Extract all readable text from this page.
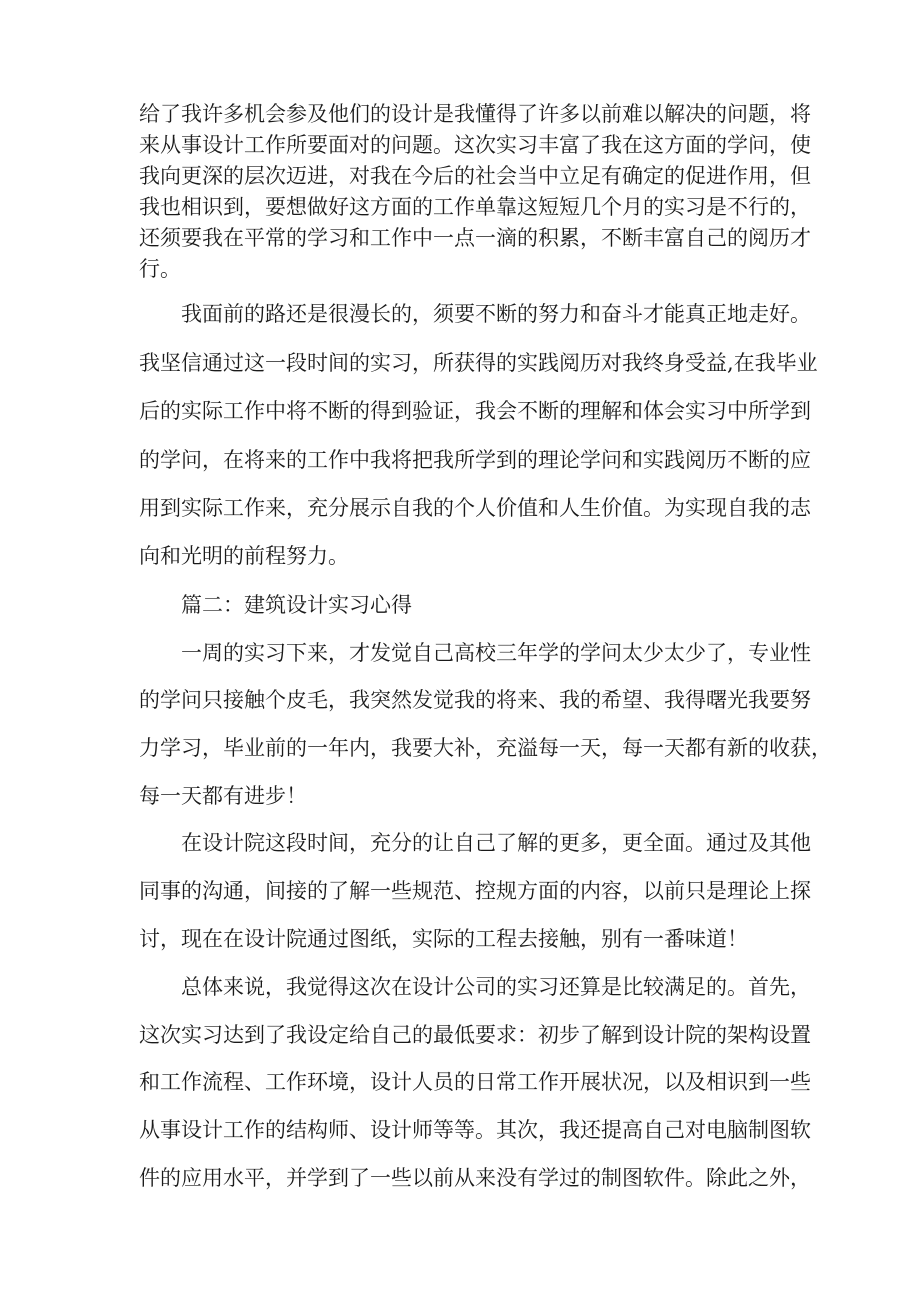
给了我许多机会参及他们的设计是我懂得了许多以前难以解决的问题，将
来从事设计工作所要面对的问题。这次实习丰富了我在这方面的学问，使
我向更深的层次迈进，对我在今后的社会当中立足有确定的促进作用，但
我也相识到，要想做好这方面的工作单靠这短短几个月的实习是不行的，
还须要我在平常的学习和工作中一点一滴的积累，不断丰富自己的阅历才
行。
我面前的路还是很漫长的，须要不断的努力和奋斗才能真正地走好。
我坚信通过这一段时间的实习，所获得的实践阅历对我终身受益,在我毕业
后的实际工作中将不断的得到验证，我会不断的理解和体会实习中所学到
的学问，在将来的工作中我将把我所学到的理论学问和实践阅历不断的应
用到实际工作来，充分展示自我的个人价值和人生价值。为实现自我的志
向和光明的前程努力。
篇二：建筑设计实习心得
一周的实习下来，才发觉自己高校三年学的学问太少太少了，专业性
的学问只接触个皮毛，我突然发觉我的将来、我的希望、我得曙光我要努
力学习，毕业前的一年内，我要大补，充溢每一天，每一天都有新的收获，
每一天都有进步！
在设计院这段时间，充分的让自己了解的更多，更全面。通过及其他
同事的沟通，间接的了解一些规范、控规方面的内容，以前只是理论上探
讨，现在在设计院通过图纸，实际的工程去接触，别有一番味道！
总体来说，我觉得这次在设计公司的实习还算是比较满足的。首先，
这次实习达到了我设定给自己的最低要求：初步了解到设计院的架构设置
和工作流程、工作环境，设计人员的日常工作开展状况，以及相识到一些
从事设计工作的结构师、设计师等等。其次，我还提高自己对电脑制图软
件的应用水平，并学到了一些以前从来没有学过的制图软件。除此之外，
